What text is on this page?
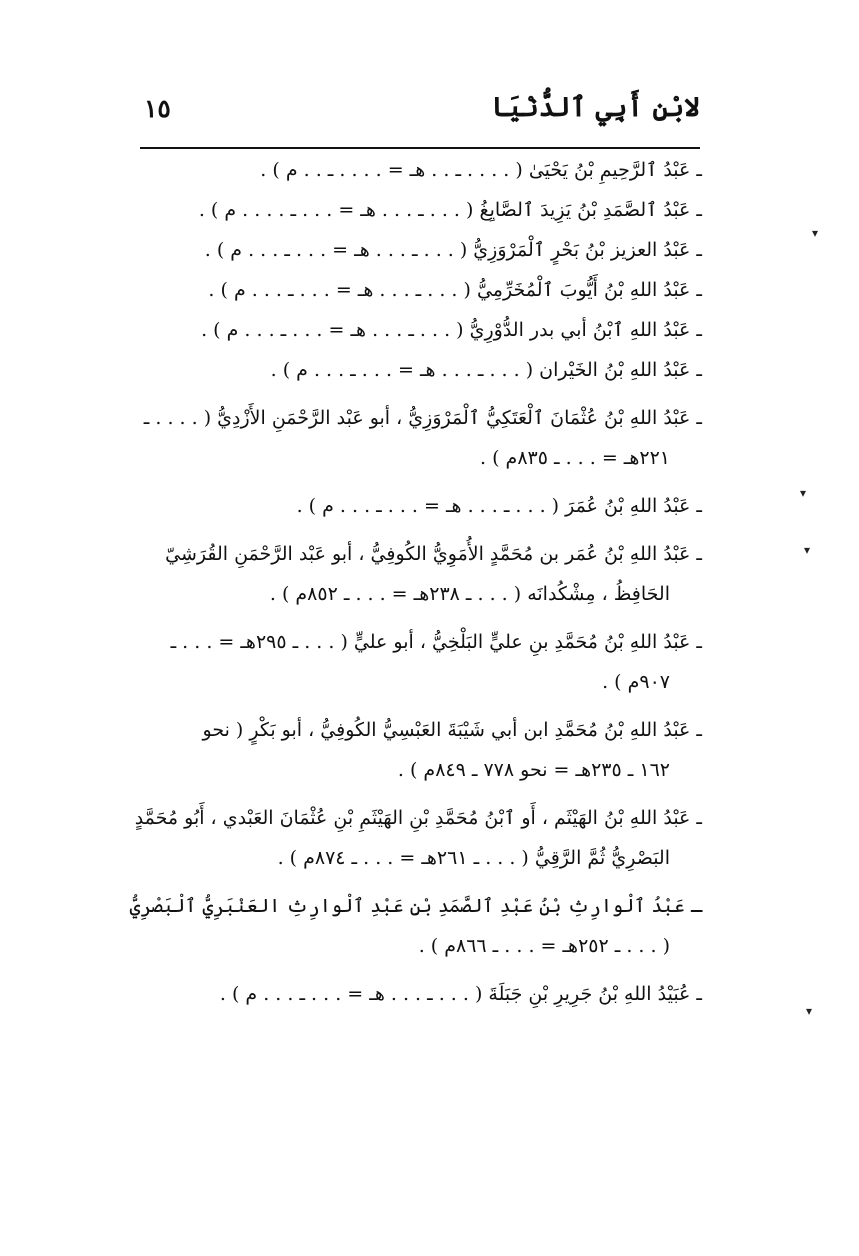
لابْنِ أَبِي ٱلدُّنْيَا
١٥
ـ عَبْدُ ٱلرَّحِيمِ بْنُ يَحْيَىٰ ( . . . . ـ . . هـ = . . . . ـ . . م ) .
ـ عَبْدُ ٱلصَّمَدِ بْنُ يَزِيدَ ٱلصَّايِغُ ( . . . ـ . . . هـ = . . . ـ . . . . م ) .
ـ عَبْدُ العزيز بْنُ بَحْرٍ ٱلْمَرْوَزِيُّ ( . . . ـ . . . هـ = . . . ـ . . . م ) .
ـ عَبْدُ اللهِ بْنُ أَيُّوبَ ٱلْمُخَرِّمِيُّ ( . . . ـ . . . هـ = . . . ـ . . . م ) .
ـ عَبْدُ اللهِ ٱبْنُ أبي بدر الدُّوْرِيُّ ( . . . ـ . . . هـ = . . . ـ . . . م ) .
ـ عَبْدُ اللهِ بْنُ الخَيْران ( . . . ـ . . . هـ = . . . ـ . . . م ) .
ـ عَبْدُ اللهِ بْنُ عُثْمَانَ ٱلْعَتَكِيُّ ٱلْمَرْوَزِيُّ ، أبو عَبْد الرَّحْمَنِ الأَزْدِيُّ ( . . . . ـ
٢٢١هـ = . . . ـ ٨٣٥م ) .
ـ عَبْدُ اللهِ بْنُ عُمَرَ ( . . . ـ . . . هـ = . . . ـ . . . م ) .
ـ عَبْدُ اللهِ بْنُ عُمَر بن مُحَمَّدٍ الأُمَوِيُّ الكُوفِيُّ ، أبو عَبْد الرَّحْمَنِ القُرَشِيّ
الحَافِظُ ، مِشْكُدانَه ( . . . ـ ٢٣٨هـ = . . . ـ ٨٥٢م ) .
ـ عَبْدُ اللهِ بْنُ مُحَمَّدِ بنِ عليٍّ البَلْخِيُّ ، أبو عليٍّ ( . . . ـ ٢٩٥هـ = . . . ـ
٩٠٧م ) .
ـ عَبْدُ اللهِ بْنُ مُحَمَّدِ ابن أبي شَيْبَةَ العَبْسِيُّ الكُوفِيُّ ، أبو بَكْرٍ ( نحو
١٦٢ ـ ٢٣٥هـ = نحو ٧٧٨ ـ ٨٤٩م ) .
ـ عَبْدُ اللهِ بْنُ الهَيْثَم ، أَو ٱبْنُ مُحَمَّدِ بْنِ الهَيْثَمِ بْنِ عُثْمَانَ العَبْدي ، أَبُو مُحَمَّدٍ
البَصْرِيُّ ثُمَّ الرَّقِيُّ ( . . . ـ ٢٦١هـ = . . . ـ ٨٧٤م ) .
ـ عَبْدُ ٱلْوارِثِ بْنُ عَبْدِ ٱلصَّمَدِ بْنِ عَبْدِ ٱلْوارِثِ العَنْبَرِيُّ ٱلْبَصْرِيُّ
( . . . ـ ٢٥٢هـ = . . . ـ ٨٦٦م ) .
ـ عُبَيْدُ اللهِ بْنُ جَرِيرِ بْنِ جَبَلَةَ ( . . . ـ . . . هـ = . . . ـ . . . م ) .
▾
▾
▾
▾
